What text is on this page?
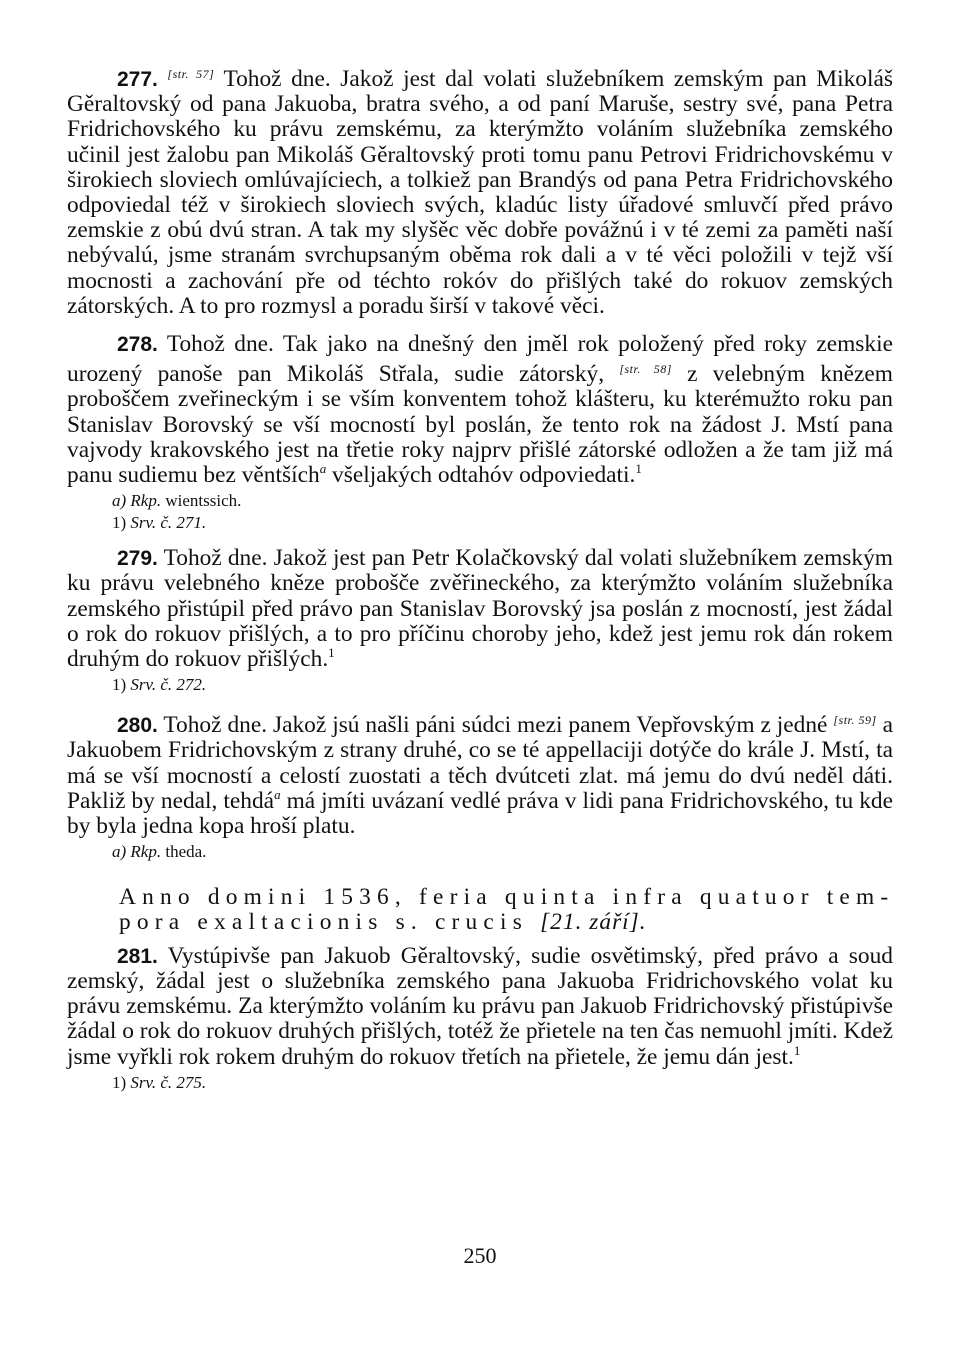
277. [str. 57] Tohož dne. Jakož jest dal volati služebníkem zemským pan Mikoláš Gěraltovský od pana Jakuoba, bratra svého, a od paní Maruše, sestry své, pana Petra Fridrichovského ku právu zemskému, za kterýmžto voláním služebníka zemského učinil jest žalobu pan Mikoláš Gěraltovský proti tomu panu Petrovi Fridrichovskému v širokiech sloviech omlúvajíciech, a tolkiež pan Brandýs od pana Petra Fridrichovského odpoviedal též v širokiech sloviech svých, kladúc listy úřadové smluvčí před právo zemskie z obú dvú stran. A tak my slyšěc věc dobře povážnú i v té zemi za paměti naší nebývalú, jsme stranám svrchupsaným oběma rok dali a v té věci položili v tejž vší mocnosti a zachování pře od téchto rokóv do přišlých také do rokuov zemských zátorských. A to pro rozmysl a poradu širší v takové věci.

278. Tohož dne. Tak jako na dnešný den jměl rok položený před roky zemskie urozený panoše pan Mikoláš Střala, sudie zátorský, [str. 58] z velebným knězem proboščem zveřineckým i se vším konventem tohož klášteru, ku kterémužto roku pan Stanislav Borovský se vší mocností byl poslán, že tento rok na žádost J. Mstí pana vajvody krakovského jest na třetie roky najprv přišlé zátorské odložen a že tam již má panu sudiemu bez věntších$^a$ všeljakých odtahóv odpoviedati.$^1$

a) Rkp. wientssich.
1) Srv. č. 271.

279. Tohož dne. Jakož jest pan Petr Kolačkovský dal volati služebníkem zemským ku právu velebného kněze probošče zvěřineckého, za kterýmžto voláním služebníka zemského přistúpil před právo pan Stanislav Borovský jsa poslán z mocností, jest žádal o rok do rokuov přišlých, a to pro příčinu choroby jeho, kdež jest jemu rok dán rokem druhým do rokuov přišlých.$^1$

1) Srv. č. 272.

280. Tohož dne. Jakož jsú našli páni súdci mezi panem Vepřovským z jedné [str. 59] a Jakuobem Fridrichovským z strany druhé, co se té appellaciji dotýče do krále J. Mstí, ta má se vší mocností a celostí zuostati a těch dvútceti zlat. má jemu do dvú neděl dáti. Pakliž by nedal, tehdá$^a$ má jmíti uvázaní vedlé práva v lidi pana Fridrichovského, tu kde by byla jedna kopa hroší platu.

a) Rkp. theda.
Anno domini 1536, feria quinta infra quatuor tempora exaltacionis s. crucis [21. září].

281. Vystúpivše pan Jakuob Gěraltovský, sudie osvětimský, před právo a soud zemský, žádal jest o služebníka zemského pana Jakuoba Fridrichovského volat ku právu zemskému. Za kterýmžto voláním ku právu pan Jakuob Fridrichovský přistúpivše žádal o rok do rokuov druhých přišlých, totéž že přietele na ten čas nemuohl jmíti. Kdež jsme vyřkli rok rokem druhým do rokuov třetích na přietele, že jemu dán jest.$^1$

1) Srv. č. 275.
250
